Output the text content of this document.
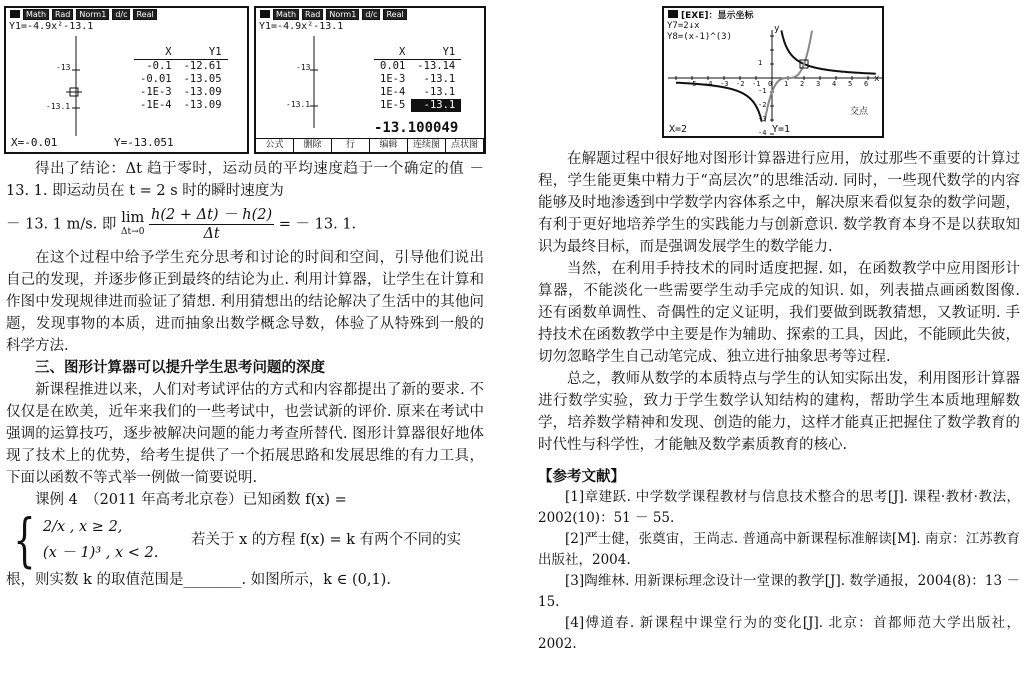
Math	Rad	Norm1	d/c	Real
Y1=-4.9x²-13.1
-13
-13.1
X	Y1
-0.1	-12.61
-0.01	-13.05
-1E-3	-13.09
-1E-4	-13.09
X=-0.01	Y=-13.051
Math	Rad	Norm1	d/c	Real
Y1=-4.9x²-13.1
-13
-13.1
X	Y1
0.01	-13.14
1E-3	-13.1
1E-4	-13.1
1E-5	-13.1
-13.100049
公式	删除	行	编辑	连续图	点状图
[EXE]：显示坐标
Y7=2↓x
Y8=(x-1)^(3)
y
x
-5 -4 -3 -2 -1 0 1 2 3 4 5 6
1
-1
-2
-3
-4
交点
X=2	Y=1

得出了结论：Δt 趋于零时，运动员的平均速度趋于一个确定的值 － 13. 1. 即运动员在 t = 2 s 时的瞬时速度为

－ 13. 1 m/s. 即 lim
Δt→0
$\frac{h(2 + \Delta t) - h(2)}{\Delta t}$ = － 13. 1.

在这个过程中给予学生充分思考和讨论的时间和空间，引导他们说出自己的发现，并逐步修正到最终的结论为止. 利用计算器，让学生在计算和作图中发现规律进而验证了猜想. 利用猜想出的结论解决了生活中的其他问题，发现事物的本质，进而抽象出数学概念导数，体验了从特殊到一般的科学方法.

三、图形计算器可以提升学生思考问题的深度

新课程推进以来，人们对考试评估的方式和内容都提出了新的要求. 不仅仅是在欧美，近年来我们的一些考试中，也尝试新的评价. 原来在考试中强调的运算技巧，逐步被解决问题的能力考查所替代. 图形计算器很好地体现了技术上的优势，给考生提供了一个拓展思路和发展思维的有力工具，下面以函数不等式举一例做一简要说明.

课例 4　（2011 年高考北京卷）已知函数 f(x) =

{ 2/x , x ≥ 2,
(x － 1)³ , x < 2.
若关于 x 的方程 f(x) = k 有两个不同的实

根，则实数 k 的取值范围是________. 如图所示，k ∈ (0,1).

在解题过程中很好地对图形计算器进行应用，放过那些不重要的计算过程，学生能更集中精力于“高层次”的思维活动. 同时，一些现代数学的内容能够及时地渗透到中学数学内容体系之中，解决原来看似复杂的数学问题，有利于更好地培养学生的实践能力与创新意识. 数学教育本身不是以获取知识为最终目标，而是强调发展学生的数学能力.

当然，在利用手持技术的同时适度把握. 如，在函数教学中应用图形计算器，不能淡化一些需要学生动手完成的知识. 如，列表描点画函数图像. 还有函数单调性、奇偶性的定义证明，我们要做到既教猜想，又教证明. 手持技术在函数教学中主要是作为辅助、探索的工具，因此，不能顾此失彼，切勿忽略学生自己动笔完成、独立进行抽象思考等过程.

总之，教师从数学的本质特点与学生的认知实际出发，利用图形计算器进行数学实验，致力于学生数学认知结构的建构，帮助学生本质地理解数学，培养数学精神和发现、创造的能力，这样才能真正把握住了数学教育的时代性与科学性，才能触及数学素质教育的核心.

【参考文献】

[1]章建跃. 中学数学课程教材与信息技术整合的思考[J]. 课程·教材·教法，2002(10)：51 － 55.

[2]严士健，张奠宙，王尚志. 普通高中新课程标准解读[M]. 南京：江苏教育出版社，2004.

[3]陶维林. 用新课标理念设计一堂课的教学[J]. 数学通报，2004(8)：13 － 15.

[4]傅道春. 新课程中课堂行为的变化[J]. 北京：首都师范大学出版社，2002.
